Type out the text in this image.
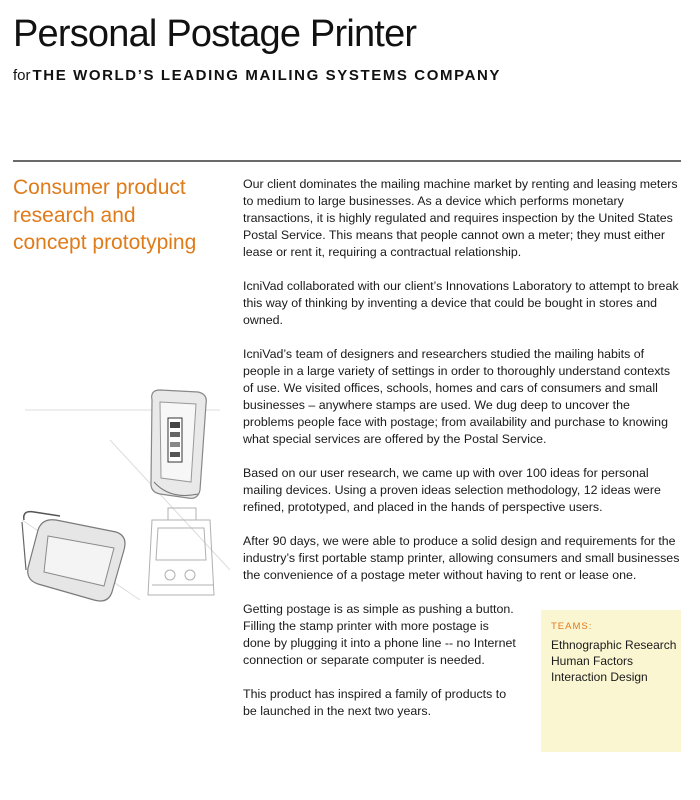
Personal Postage Printer
for THE WORLD’S LEADING MAILING SYSTEMS COMPANY
Consumer product research and concept prototyping

Our client dominates the mailing machine market by renting and leasing meters to medium to large businesses. As a device which performs monetary transactions, it is highly regulated and requires inspection by the United States Postal Service. This means that people cannot own a meter; they must either lease or rent it, requiring a contractual relationship.

IcniVad collaborated with our client’s Innovations Laboratory to attempt to break this way of thinking by inventing a device that could be bought in stores and owned.

IcniVad’s team of designers and researchers studied the mailing habits of people in a large variety of settings in order to thoroughly understand contexts of use. We visited offices, schools, homes and cars of consumers and small businesses – anywhere stamps are used. We dug deep to uncover the problems people face with postage; from availability and purchase to knowing what special services are offered by the Postal Service.

Based on our user research, we came up with over 100 ideas for personal mailing devices. Using a proven ideas selection methodology, 12 ideas were refined, prototyped, and placed in the hands of perspective users.

After 90 days, we were able to produce a solid design and requirements for the industry’s first portable stamp printer, allowing consumers and small businesses the convenience of a postage meter without having to rent or lease one.

Getting postage is as simple as pushing a button. Filling the stamp printer with more postage is done by plugging it into a phone line -- no Internet connection or separate computer is needed.

This product has inspired a family of products to be launched in the next two years.

TEAMS:
Ethnographic Research
Human Factors
Interaction Design
